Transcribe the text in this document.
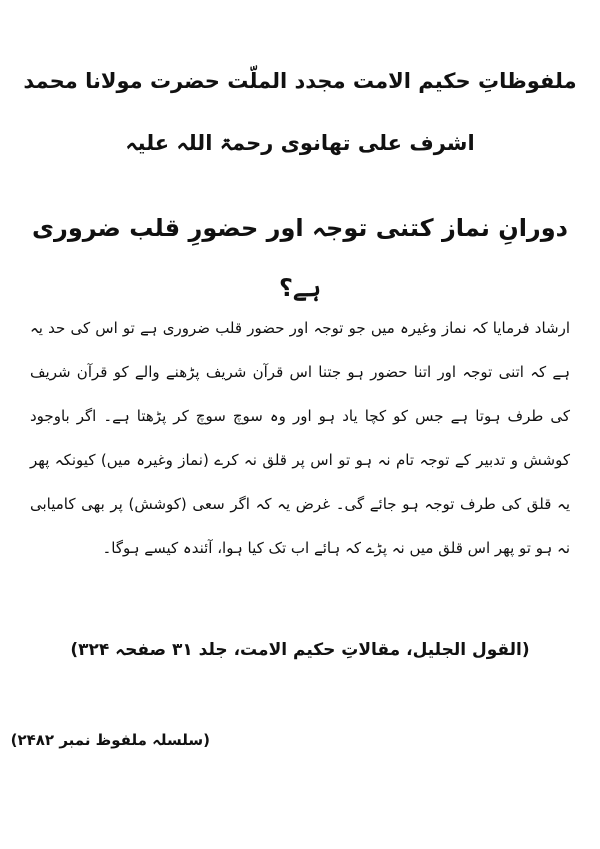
ملفوظاتِ حکیم الامت مجدد الملّت حضرت مولانا محمد اشرف علی تھانوی رحمۃ اللہ علیہ
دورانِ نماز کتنی توجہ اور حضورِ قلب ضروری ہے؟
ارشاد فرمایا کہ نماز وغیرہ میں جو توجہ اور حضور قلب ضروری ہے تو اس کی حد یہ ہے کہ اتنی توجہ اور اتنا حضور ہو جتنا اس قرآن شریف پڑھنے والے کو قرآن شریف کی طرف ہوتا ہے جس کو کچا یاد ہو اور وہ سوچ سوچ کر پڑھتا ہے۔ اگر باوجود کوشش و تدبیر کے توجہ تام نہ ہو تو اس پر قلق نہ کرے (نماز وغیرہ میں) کیونکہ پھر یہ قلق کی طرف توجہ ہو جائے گی۔ غرض یہ کہ اگر سعی (کوشش) پر بھی کامیابی نہ ہو تو پھر اس قلق میں نہ پڑے کہ ہائے اب تک کیا ہوا، آئندہ کیسے ہوگا۔
(القول الجلیل، مقالاتِ حکیم الامت، جلد ۳۱ صفحہ ۳۲۴)
(سلسلہ ملفوظ نمبر ۲۴۸۲)
